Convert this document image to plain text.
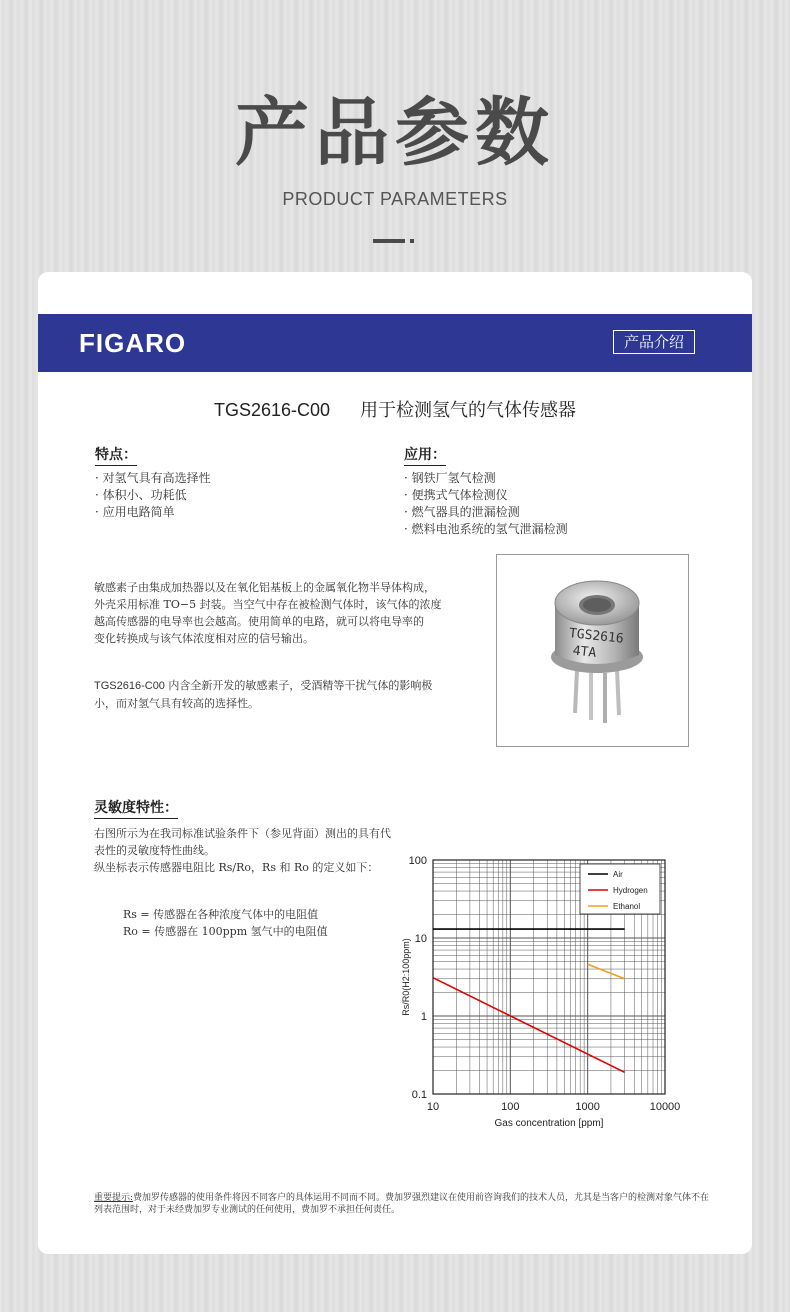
产品参数
PRODUCT PARAMETERS
FIGARO	产品介绍
TGS2616-C00 用于检测氢气的气体传感器
特点：
· 对氢气具有高选择性
· 体积小、功耗低
· 应用电路简单
应用：
· 钢铁厂氢气检测
· 便携式气体检测仪
· 燃气器具的泄漏检测
· 燃料电池系统的氢气泄漏检测
敏感素子由集成加热器以及在氧化铝基板上的金属氧化物半导体构成，
外壳采用标准 TO−5 封装。当空气中存在被检测气体时，该气体的浓度
越高传感器的电导率也会越高。使用简单的电路，就可以将电导率的
变化转换成与该气体浓度相对应的信号输出。
TGS2616-C00 内含全新开发的敏感素子，受酒精等干扰气体的影响极
小，而对氢气具有较高的选择性。
TGS2616
4TA
灵敏度特性：
右图所示为在我司标准试验条件下（参见背面）测出的具有代
表性的灵敏度特性曲线。
纵坐标表示传感器电阻比 Rs/Ro，Rs 和 Ro 的定义如下：
Rs = 传感器在各种浓度气体中的电阻值
Ro = 传感器在 100ppm 氢气中的电阻值
10	100	1000	10000
0.1
1
10
100
Gas concentration [ppm]
Rs/R0(H2:100ppm)
Air
Hydrogen
Ethanol
重要提示:费加罗传感器的使用条件将因不同客户的具体运用不同而不同。费加罗强烈建议在使用前咨询我们的技术人员，尤其是当客户的检测对象气体不在列表范围时，对于未经费加罗专业测试的任何使用，费加罗不承担任何责任。
